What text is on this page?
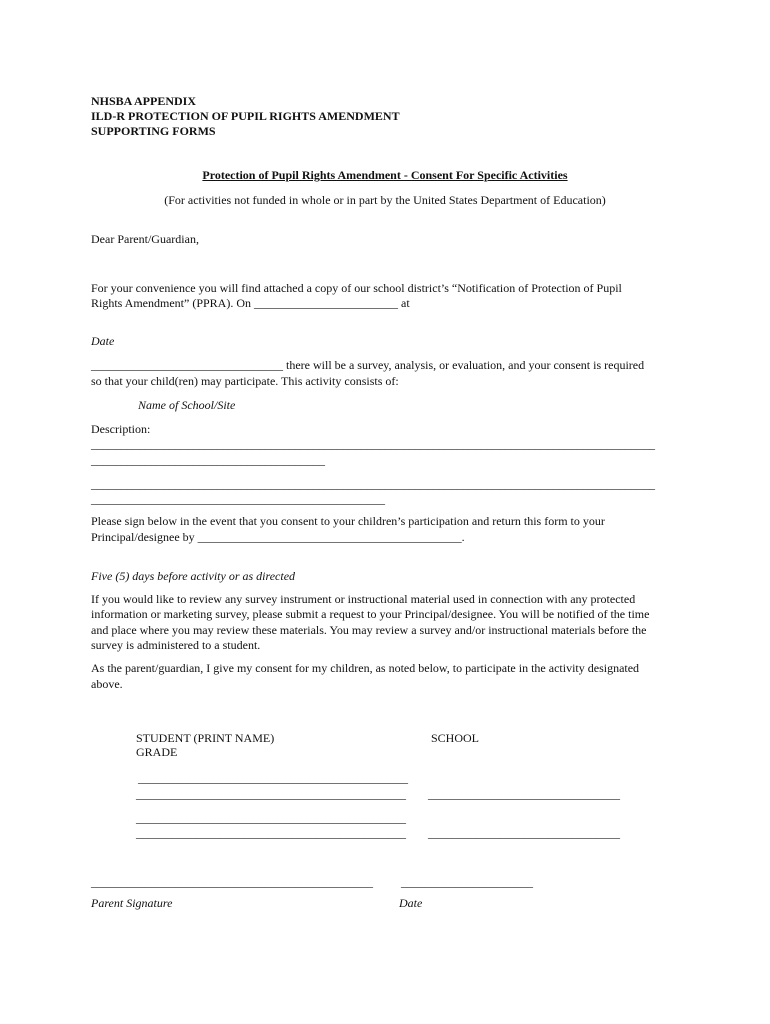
NHSBA APPENDIX
ILD-R PROTECTION OF PUPIL RIGHTS AMENDMENT
SUPPORTING FORMS
Protection of Pupil Rights Amendment - Consent For Specific Activities
(For activities not funded in whole or in part by the United States Department of Education)
Dear Parent/Guardian,
For your convenience you will find attached a copy of our school district’s “Notification of Protection of Pupil
Rights Amendment” (PPRA). On ________________________ at
Date
________________________________ there will be a survey, analysis, or evaluation, and your consent is required
so that your child(ren) may participate. This activity consists of:
Name of School/Site
Description:
______________________________________________________________________________________________
_______________________________________
______________________________________________________________________________________________
_________________________________________________
Please sign below in the event that you consent to your children’s participation and return this form to your
Principal/designee by ____________________________________________.
Five (5) days before activity or as directed
If you would like to review any survey instrument or instructional material used in connection with any protected
information or marketing survey, please submit a request to your Principal/designee. You will be notified of the time
and place where you may review these materials. You may review a survey and/or instructional materials before the
survey is administered to a student.
As the parent/guardian, I give my consent for my children, as noted below, to participate in the activity designated
above.
STUDENT (PRINT NAME)
GRADE
SCHOOL
_____________________________________________
_____________________________________________ ________________________________
_____________________________________________
_____________________________________________ ________________________________
_______________________________________________ ______________________
Parent Signature	Date
